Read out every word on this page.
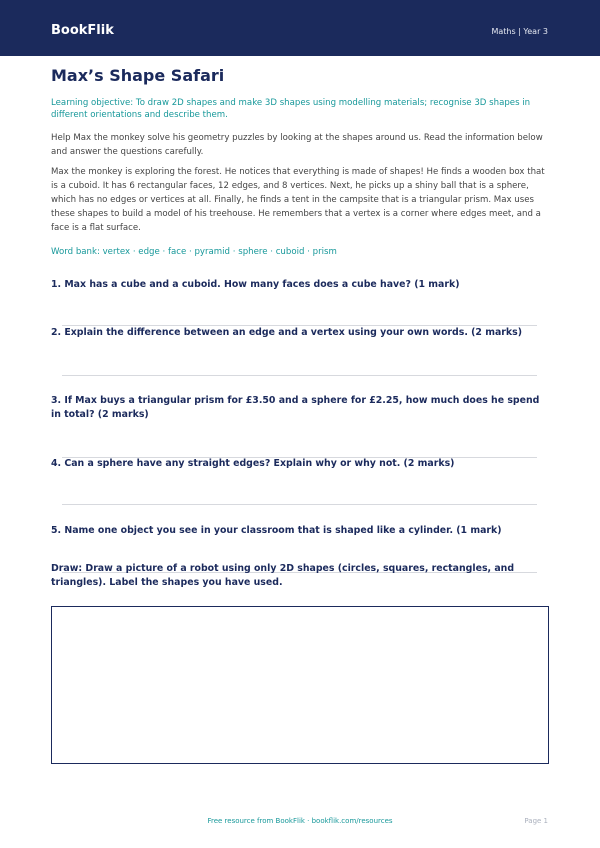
BookFlik	Maths | Year 3
Max’s Shape Safari
Learning objective: To draw 2D shapes and make 3D shapes using modelling materials; recognise 3D shapes in different orientations and describe them.
Help Max the monkey solve his geometry puzzles by looking at the shapes around us. Read the information below and answer the questions carefully.
Max the monkey is exploring the forest. He notices that everything is made of shapes! He finds a wooden box that is a cuboid. It has 6 rectangular faces, 12 edges, and 8 vertices. Next, he picks up a shiny ball that is a sphere, which has no edges or vertices at all. Finally, he finds a tent in the campsite that is a triangular prism. Max uses these shapes to build a model of his treehouse. He remembers that a vertex is a corner where edges meet, and a face is a flat surface.
Word bank: vertex · edge · face · pyramid · sphere · cuboid · prism
1. Max has a cube and a cuboid. How many faces does a cube have? (1 mark)
2. Explain the difference between an edge and a vertex using your own words. (2 marks)
3. If Max buys a triangular prism for £3.50 and a sphere for £2.25, how much does he spend in total? (2 marks)
4. Can a sphere have any straight edges? Explain why or why not. (2 marks)
5. Name one object you see in your classroom that is shaped like a cylinder. (1 mark)
Draw: Draw a picture of a robot using only 2D shapes (circles, squares, rectangles, and triangles). Label the shapes you have used.
Free resource from BookFlik · bookflik.com/resources	Page 1
